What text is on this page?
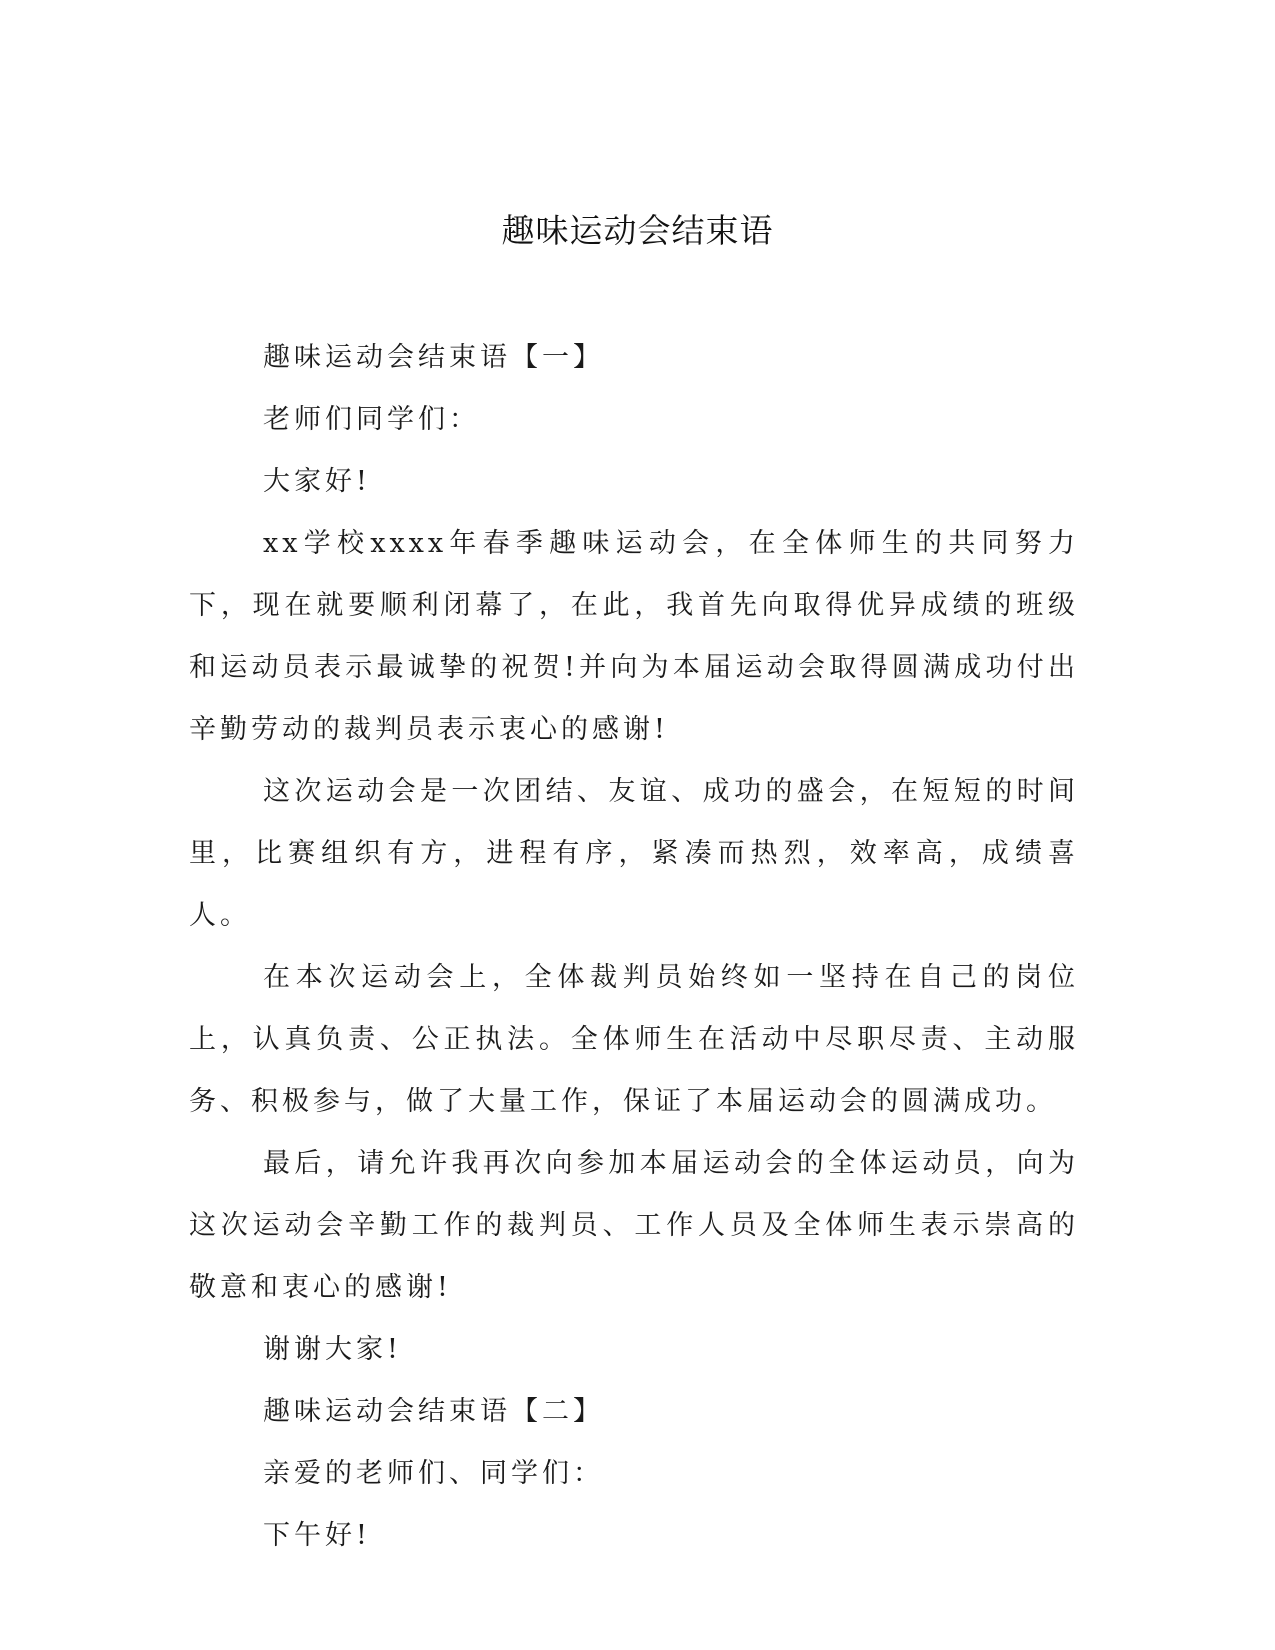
趣味运动会结束语

趣味运动会结束语【一】

老师们同学们：

大家好!

xx学校xxxx年春季趣味运动会，在全体师生的共同努力下，现在就要顺利闭幕了，在此，我首先向取得优异成绩的班级和运动员表示最诚挚的祝贺!并向为本届运动会取得圆满成功付出辛勤劳动的裁判员表示衷心的感谢!

这次运动会是一次团结、友谊、成功的盛会，在短短的时间里，比赛组织有方，进程有序，紧凑而热烈，效率高，成绩喜人。

在本次运动会上，全体裁判员始终如一坚持在自己的岗位上，认真负责、公正执法。全体师生在活动中尽职尽责、主动服务、积极参与，做了大量工作，保证了本届运动会的圆满成功。

最后，请允许我再次向参加本届运动会的全体运动员，向为这次运动会辛勤工作的裁判员、工作人员及全体师生表示崇高的敬意和衷心的感谢!

谢谢大家!

趣味运动会结束语【二】

亲爱的老师们、同学们：

下午好!
